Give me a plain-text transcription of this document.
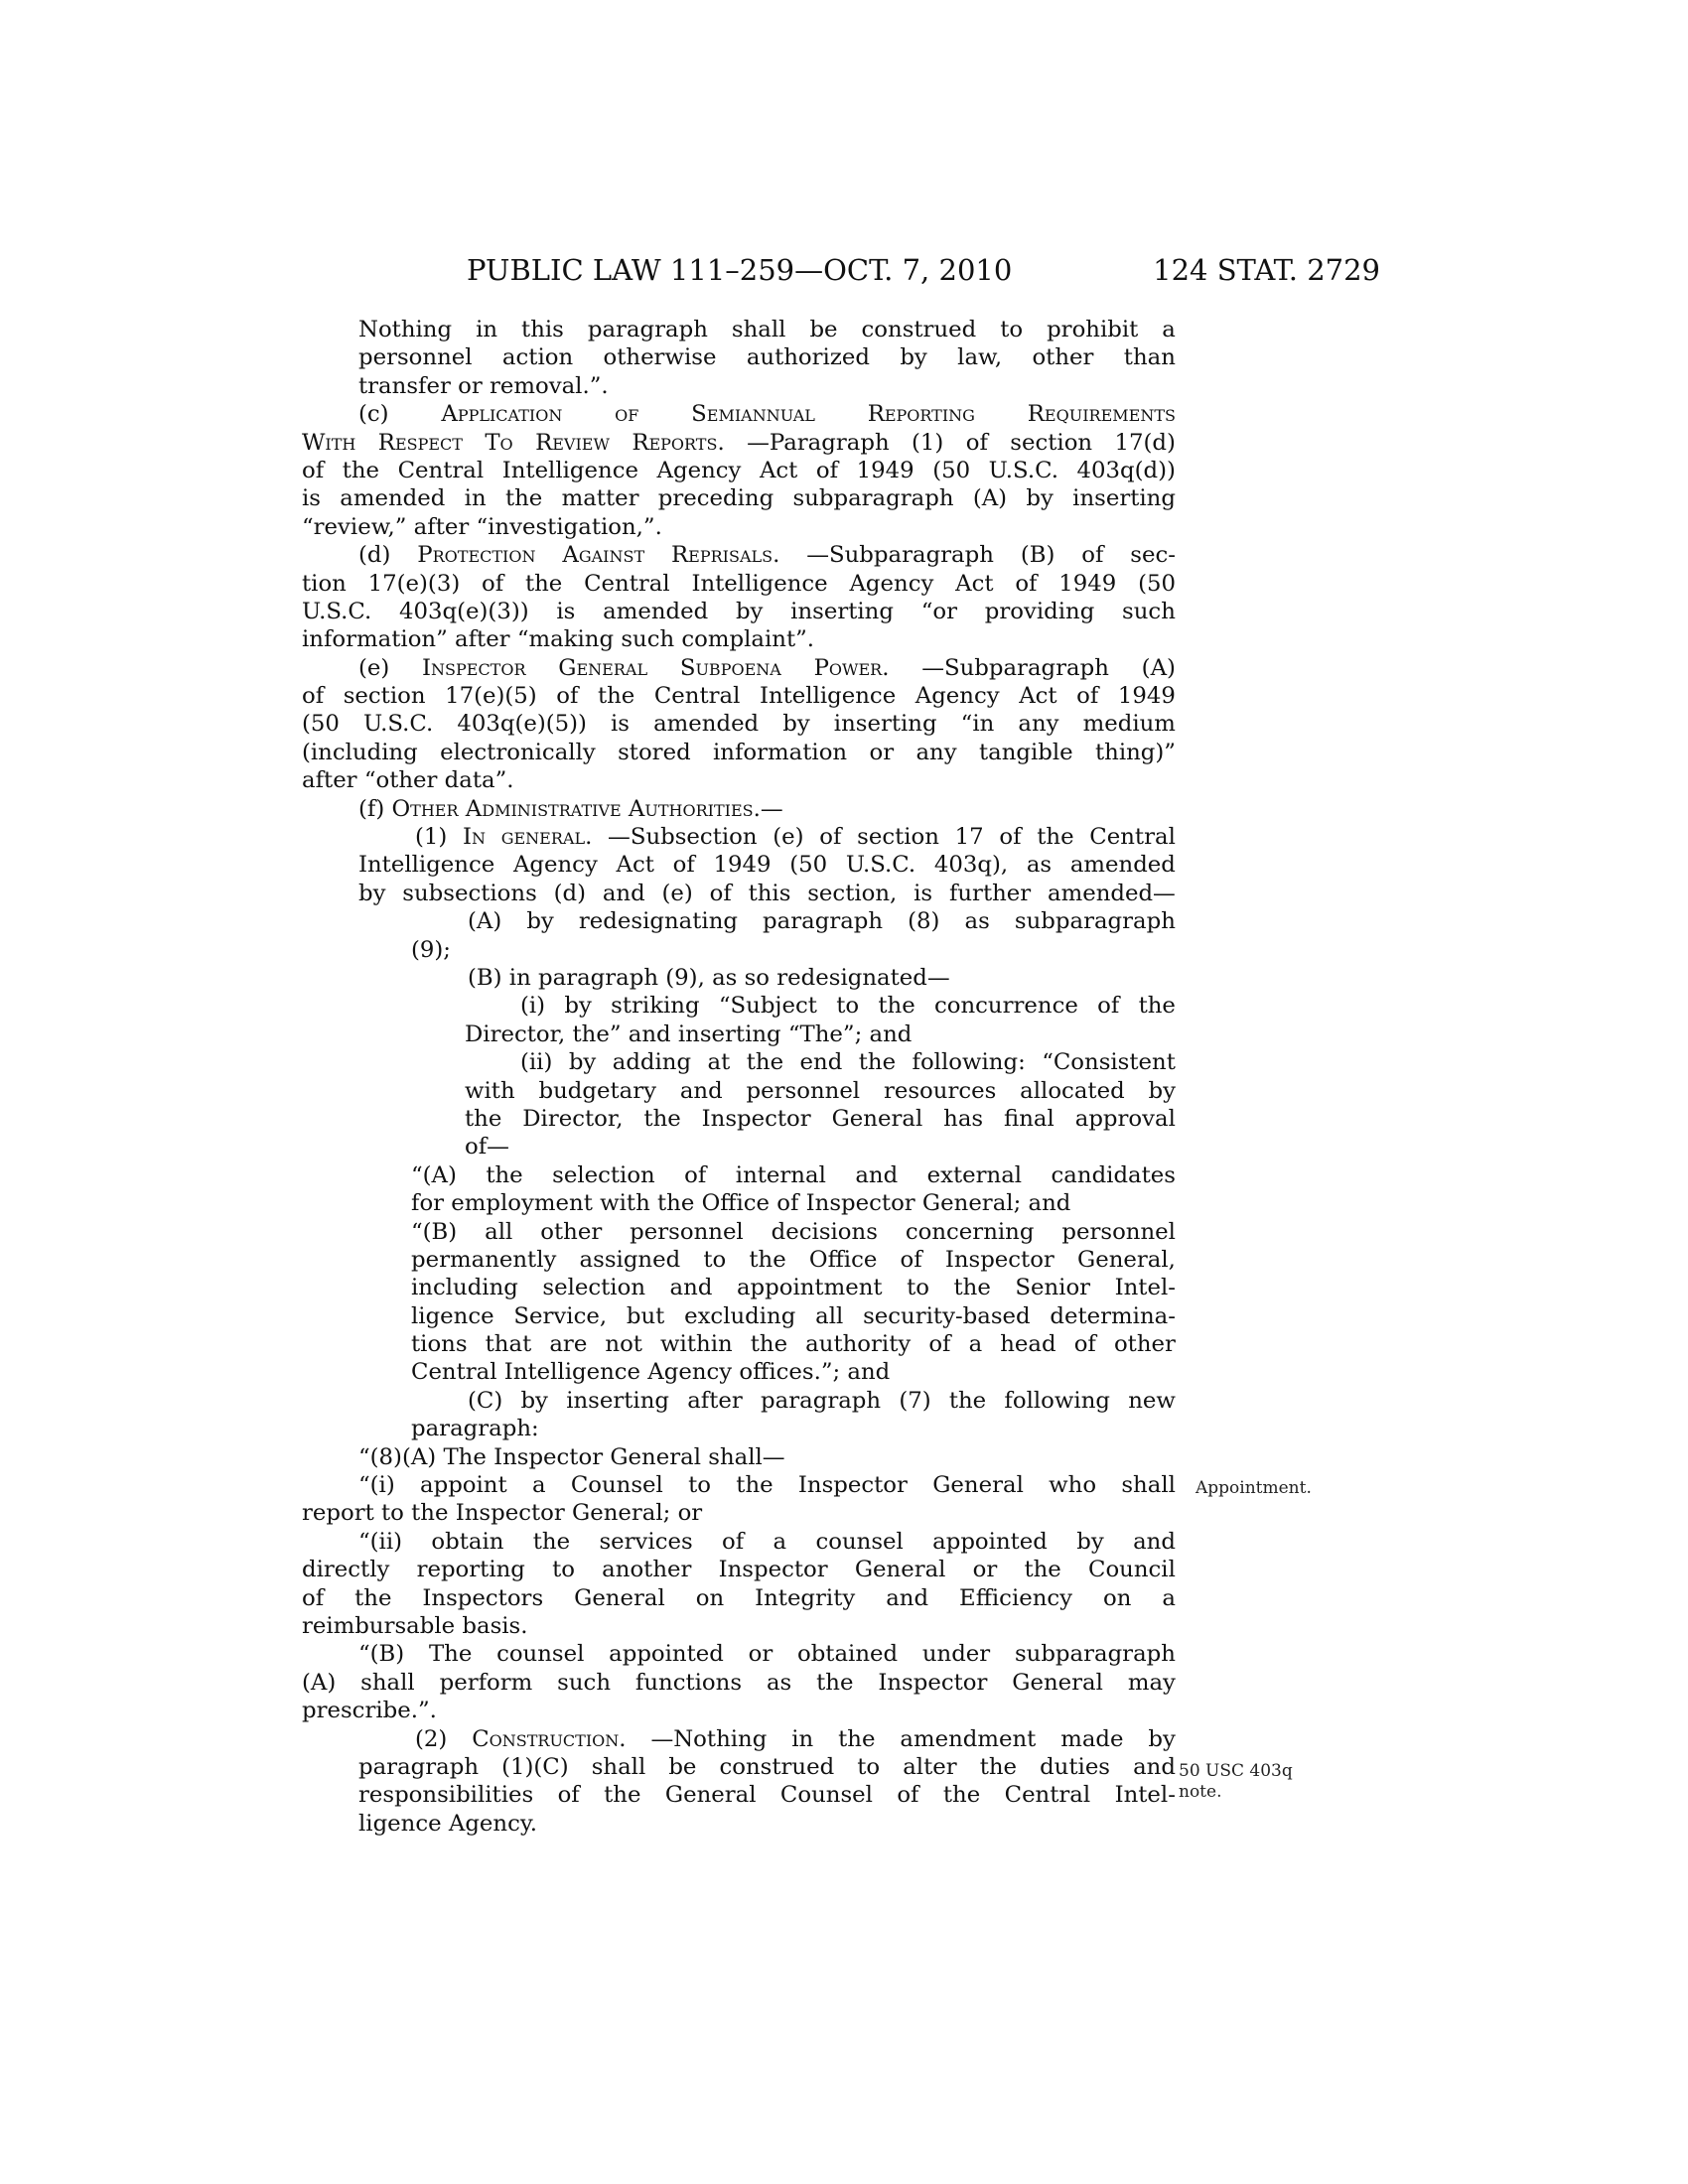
PUBLIC LAW 111–259—OCT. 7, 2010	124 STAT. 2729
Nothing in this paragraph shall be construed to prohibit a
personnel action otherwise authorized by law, other than
transfer or removal.”.
(c) Application of Semiannual Reporting Requirements
With Respect To Review Reports. —Paragraph (1) of section 17(d)
of the Central Intelligence Agency Act of 1949 (50 U.S.C. 403q(d))
is amended in the matter preceding subparagraph (A) by inserting
“review,” after “investigation,”.
(d) Protection Against Reprisals. —Subparagraph (B) of sec-
tion 17(e)(3) of the Central Intelligence Agency Act of 1949 (50
U.S.C. 403q(e)(3)) is amended by inserting “or providing such
information” after “making such complaint”.
(e) Inspector General Subpoena Power. —Subparagraph (A)
of section 17(e)(5) of the Central Intelligence Agency Act of 1949
(50 U.S.C. 403q(e)(5)) is amended by inserting “in any medium
(including electronically stored information or any tangible thing)”
after “other data”.
(f) Other Administrative Authorities.—
(1) In general. —Subsection (e) of section 17 of the Central
Intelligence Agency Act of 1949 (50 U.S.C. 403q), as amended
by subsections (d) and (e) of this section, is further amended—
(A) by redesignating paragraph (8) as subparagraph
(9);
(B) in paragraph (9), as so redesignated—
(i) by striking “Subject to the concurrence of the
Director, the” and inserting “The”; and
(ii) by adding at the end the following: “Consistent
with budgetary and personnel resources allocated by
the Director, the Inspector General has final approval
of—
“(A) the selection of internal and external candidates
for employment with the Office of Inspector General; and
“(B) all other personnel decisions concerning personnel
permanently assigned to the Office of Inspector General,
including selection and appointment to the Senior Intel-
ligence Service, but excluding all security-based determina-
tions that are not within the authority of a head of other
Central Intelligence Agency offices.”; and
(C) by inserting after paragraph (7) the following new
paragraph:
“(8)(A) The Inspector General shall—
“(i) appoint a Counsel to the Inspector General who shall
report to the Inspector General; or
“(ii) obtain the services of a counsel appointed by and
directly reporting to another Inspector General or the Council
of the Inspectors General on Integrity and Efficiency on a
reimbursable basis.
“(B) The counsel appointed or obtained under subparagraph
(A) shall perform such functions as the Inspector General may
prescribe.”.
(2) Construction. —Nothing in the amendment made by
paragraph (1)(C) shall be construed to alter the duties and
responsibilities of the General Counsel of the Central Intel-
ligence Agency.
Appointment.
50 USC 403q
note.
